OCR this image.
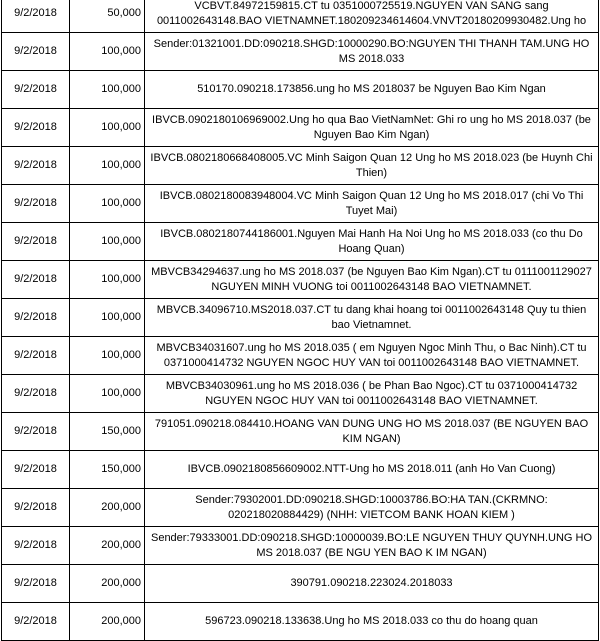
9/2/2018	50,000	VCBVT.84972159815.CT tu 0351000725519.NGUYEN VAN SANG sang 0011002643148.BAO VIETNAMNET.180209234614604.VNVT20180209930482.Ung ho
9/2/2018	100,000	Sender:01321001.DD:090218.SHGD:10000290.BO:NGUYEN THI THANH TAM.UNG HO MS 2018.033
9/2/2018	100,000	510170.090218.173856.ung ho MS 2018037 be Nguyen Bao Kim Ngan
9/2/2018	100,000	IBVCB.0902180106969002.Ung ho qua Bao VietNamNet: Ghi ro ung ho MS 2018.037 (be Nguyen Bao Kim Ngan)
9/2/2018	100,000	IBVCB.0802180668408005.VC Minh Saigon Quan 12 Ung ho MS 2018.023 (be Huynh Chi Thien)
9/2/2018	100,000	IBVCB.0802180083948004.VC Minh Saigon Quan 12 Ung ho MS 2018.017 (chi Vo Thi Tuyet Mai)
9/2/2018	100,000	IBVCB.0802180744186001.Nguyen Mai Hanh Ha Noi Ung ho MS 2018.033 (co thu Do Hoang Quan)
9/2/2018	100,000	MBVCB34294637.ung ho MS 2018.037 (be Nguyen Bao Kim Ngan).CT tu 0111001129027 NGUYEN MINH VUONG toi 0011002643148 BAO VIETNAMNET.
9/2/2018	100,000	MBVCB.34096710.MS2018.037.CT tu dang khai hoang toi 0011002643148 Quy tu thien bao Vietnamnet.
9/2/2018	100,000	MBVCB34031607.ung ho MS 2018.035 ( em Nguyen Ngoc Minh Thu, o Bac Ninh).CT tu 0371000414732 NGUYEN NGOC HUY VAN toi 0011002643148 BAO VIETNAMNET.
9/2/2018	100,000	MBVCB34030961.ung ho MS 2018.036 ( be Phan Bao Ngoc).CT tu 0371000414732 NGUYEN NGOC HUY VAN toi 0011002643148 BAO VIETNAMNET.
9/2/2018	150,000	791051.090218.084410.HOANG VAN DUNG UNG HO MS 2018.037 (BE NGUYEN BAO KIM NGAN)
9/2/2018	150,000	IBVCB.0902180856609002.NTT-Ung ho MS 2018.011 (anh Ho Van Cuong)
9/2/2018	200,000	Sender:79302001.DD:090218.SHGD:10003786.BO:HA TAN.(CKRMNO: 020218020884429) (NHH: VIETCOM BANK HOAN KIEM )
9/2/2018	200,000	Sender:79333001.DD:090218.SHGD:10000039.BO:LE NGUYEN THUY QUYNH.UNG HO MS 2018.037 (BE NGU YEN BAO K IM NGAN)
9/2/2018	200,000	390791.090218.223024.2018033
9/2/2018	200,000	596723.090218.133638.Ung ho MS 2018.033 co thu do hoang quan
